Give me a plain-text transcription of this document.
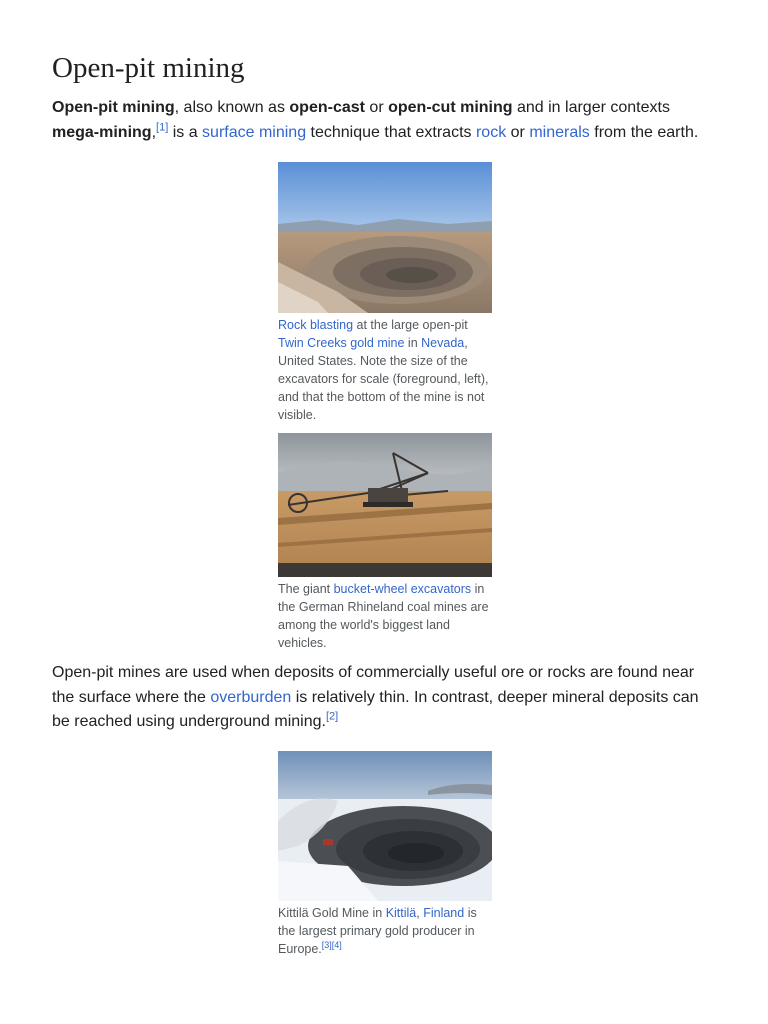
Open-pit mining

Open-pit mining, also known as open-cast or open-cut mining and in larger contexts mega-mining,[1] is a surface mining technique that extracts rock or minerals from the earth.

Rock blasting at the large open-pit Twin Creeks gold mine in Nevada, United States. Note the size of the excavators for scale (foreground, left), and that the bottom of the mine is not visible.
The giant bucket-wheel excavators in the German Rhineland coal mines are among the world's biggest land vehicles.

Open-pit mines are used when deposits of commercially useful ore or rocks are found near the surface where the overburden is relatively thin. In contrast, deeper mineral deposits can be reached using underground mining.[2]

Kittilä Gold Mine in Kittilä, Finland is the largest primary gold producer in Europe.[3][4]
